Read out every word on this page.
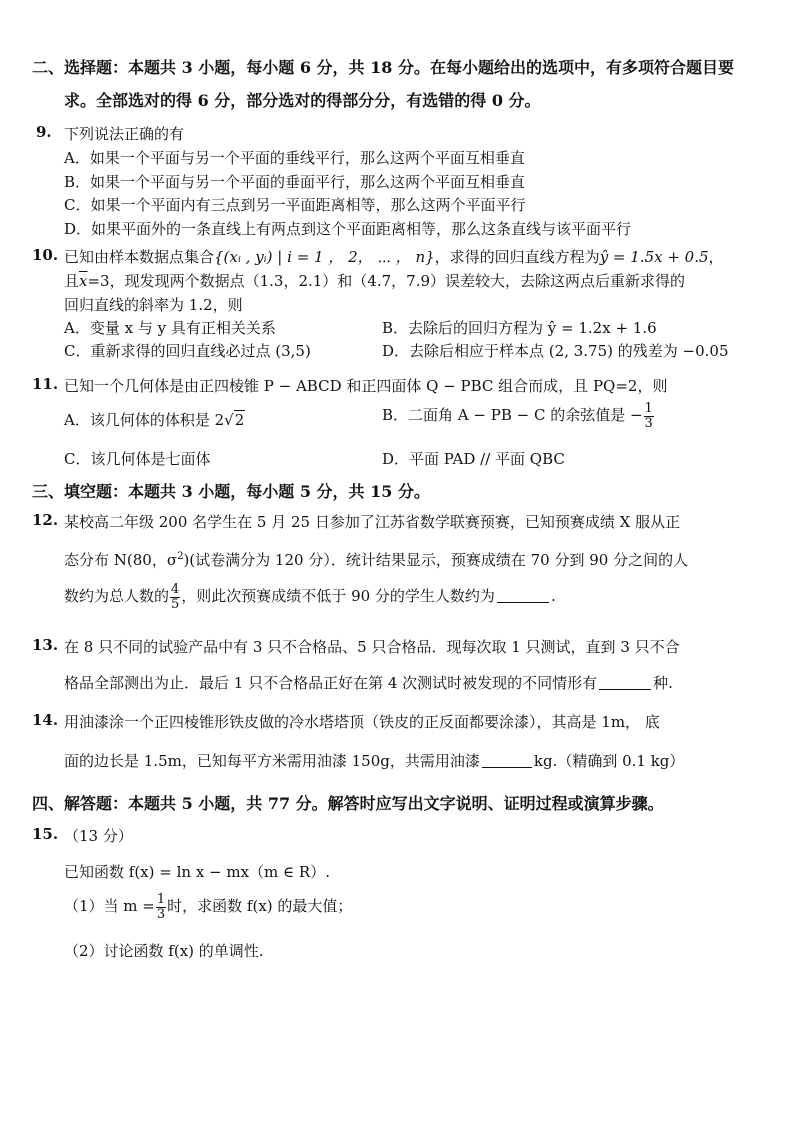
二、选择题：本题共 3 小题，每小题 6 分，共 18 分。在每小题给出的选项中，有多项符合题目要
求。全部选对的得 6 分，部分选对的得部分分，有选错的得 0 分。
9. 下列说法正确的有
A．如果一个平面与另一个平面的垂线平行，那么这两个平面互相垂直
B．如果一个平面与另一个平面的垂面平行，那么这两个平面互相垂直
C．如果一个平面内有三点到另一平面距离相等，那么这两个平面平行
D．如果平面外的一条直线上有两点到这个平面距离相等，那么这条直线与该平面平行
10. 已知由样本数据点集合{(xᵢ , yᵢ) | i = 1 ， 2， ⋯ ， n}，求得的回归直线方程为ŷ = 1.5x + 0.5，
且$\overline{x}=3$，现发现两个数据点（1.3，2.1）和（4.7，7.9）误差较大，去除这两点后重新求得的
回归直线的斜率为 1.2，则
A．变量 x 与 y 具有正相关关系	B．去除后的回归方程为 ŷ = 1.2x + 1.6
C．重新求得的回归直线必过点 (3,5)	D．去除后相应于样本点 (2, 3.75) 的残差为 −0.05
11. 已知一个几何体是由正四棱锥 P − ABCD 和正四面体 Q − PBC 组合而成，且 PQ=2，则
A．该几何体的体积是 2√2	B．二面角 A − PB − C 的余弦值是 − $\frac{1}{3}$
C．该几何体是七面体	D．平面 PAD // 平面 QBC
三、填空题：本题共 3 小题，每小题 5 分，共 15 分。
12. 某校高二年级 200 名学生在 5 月 25 日参加了江苏省数学联赛预赛，已知预赛成绩 X 服从正
态分布 N(80，$\sigma^2$)(试卷满分为 120 分）．统计结果显示，预赛成绩在 70 分到 90 分之间的人
数约为总人数的 $\frac{4}{5}$ ，则此次预赛成绩不低于 90 分的学生人数约为	.
13. 在 8 只不同的试验产品中有 3 只不合格品、5 只合格品．现每次取 1 只测试，直到 3 只不合
格品全部测出为止．最后 1 只不合格品正好在第 4 次测试时被发现的不同情形有	种.
14. 用油漆涂一个正四棱锥形铁皮做的冷水塔塔顶（铁皮的正反面都要涂漆），其高是 1m， 底
面的边长是 1.5m，已知每平方米需用油漆 150g，共需用油漆	kg.（精确到 0.1 kg）
四、解答题：本题共 5 小题，共 77 分。解答时应写出文字说明、证明过程或演算步骤。
15. （13 分）
已知函数 f(x) = ln x − mx（m ∈ R）.
（1）当 $m = \frac{1}{3}$ 时，求函数 f(x) 的最大值；
（2）讨论函数 f(x) 的单调性.
